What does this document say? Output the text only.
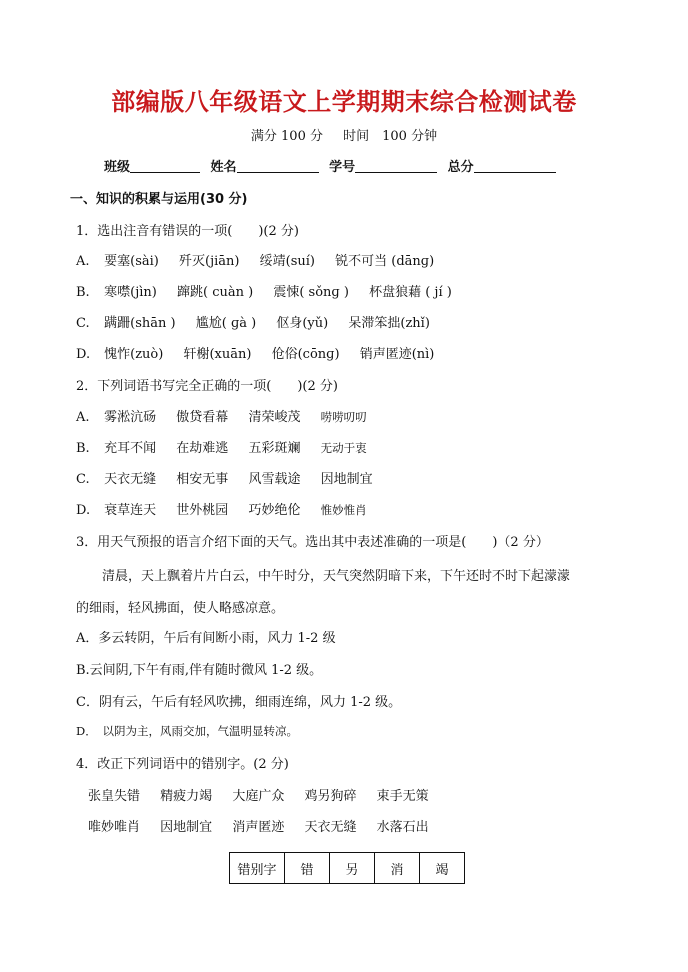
部编版八年级语文上学期期末综合检测试卷
满分 100 分 时间　100 分钟
班级	姓名	学号	总分
一、知识的积累与运用(30 分)
1．选出注音有错误的一项(　　)(2 分)
A. 要塞(sài) 歼灭(jiān) 绥靖(suí) 锐不可当 (dānɡ)
B. 寒噤(jìn) 蹿跳( cuàn ) 震悚( sǒnɡ ) 杯盘狼藉 ( jí )
C. 蹒跚(shān ) 尴尬( ɡà ) 伛身(yǔ) 呆滞笨拙(zhǐ)
D. 愧怍(zuò) 轩榭(xuān) 伧俗(cōnɡ) 销声匿迹(nì)
2．下列词语书写完全正确的一项(　　)(2 分)
A. 雾淞沆砀 傲贷看幕 清荣峻茂 唠唠叨叨
B. 充耳不闻 在劫难逃 五彩斑斓 无动于衷
C. 天衣无缝 相安无事 风雪载途 因地制宜
D. 衰草连天 世外桃园 巧妙绝伦 惟妙惟肖
3．用天气预报的语言介绍下面的天气。选出其中表述准确的一项是(　　)（2 分）
清晨，天上飘着片片白云，中午时分，天气突然阴暗下来，下午还时不时下起濛濛
的细雨，轻风拂面，使人略感凉意。
A．多云转阴，午后有间断小雨，风力 1-2 级
B.云间阴,下午有雨,伴有随时微风 1-2 级。
C．阴有云，午后有轻风吹拂，细雨连绵，风力 1-2 级。
D．　以阴为主，风雨交加，气温明显转凉。
4．改正下列词语中的错别字。(2 分)
张皇失错 精疲力竭 大庭广众 鸡另狗碎 束手无策
唯妙唯肖 因地制宜 消声匿迹 天衣无缝 水落石出
错别字	错	另	消	竭
